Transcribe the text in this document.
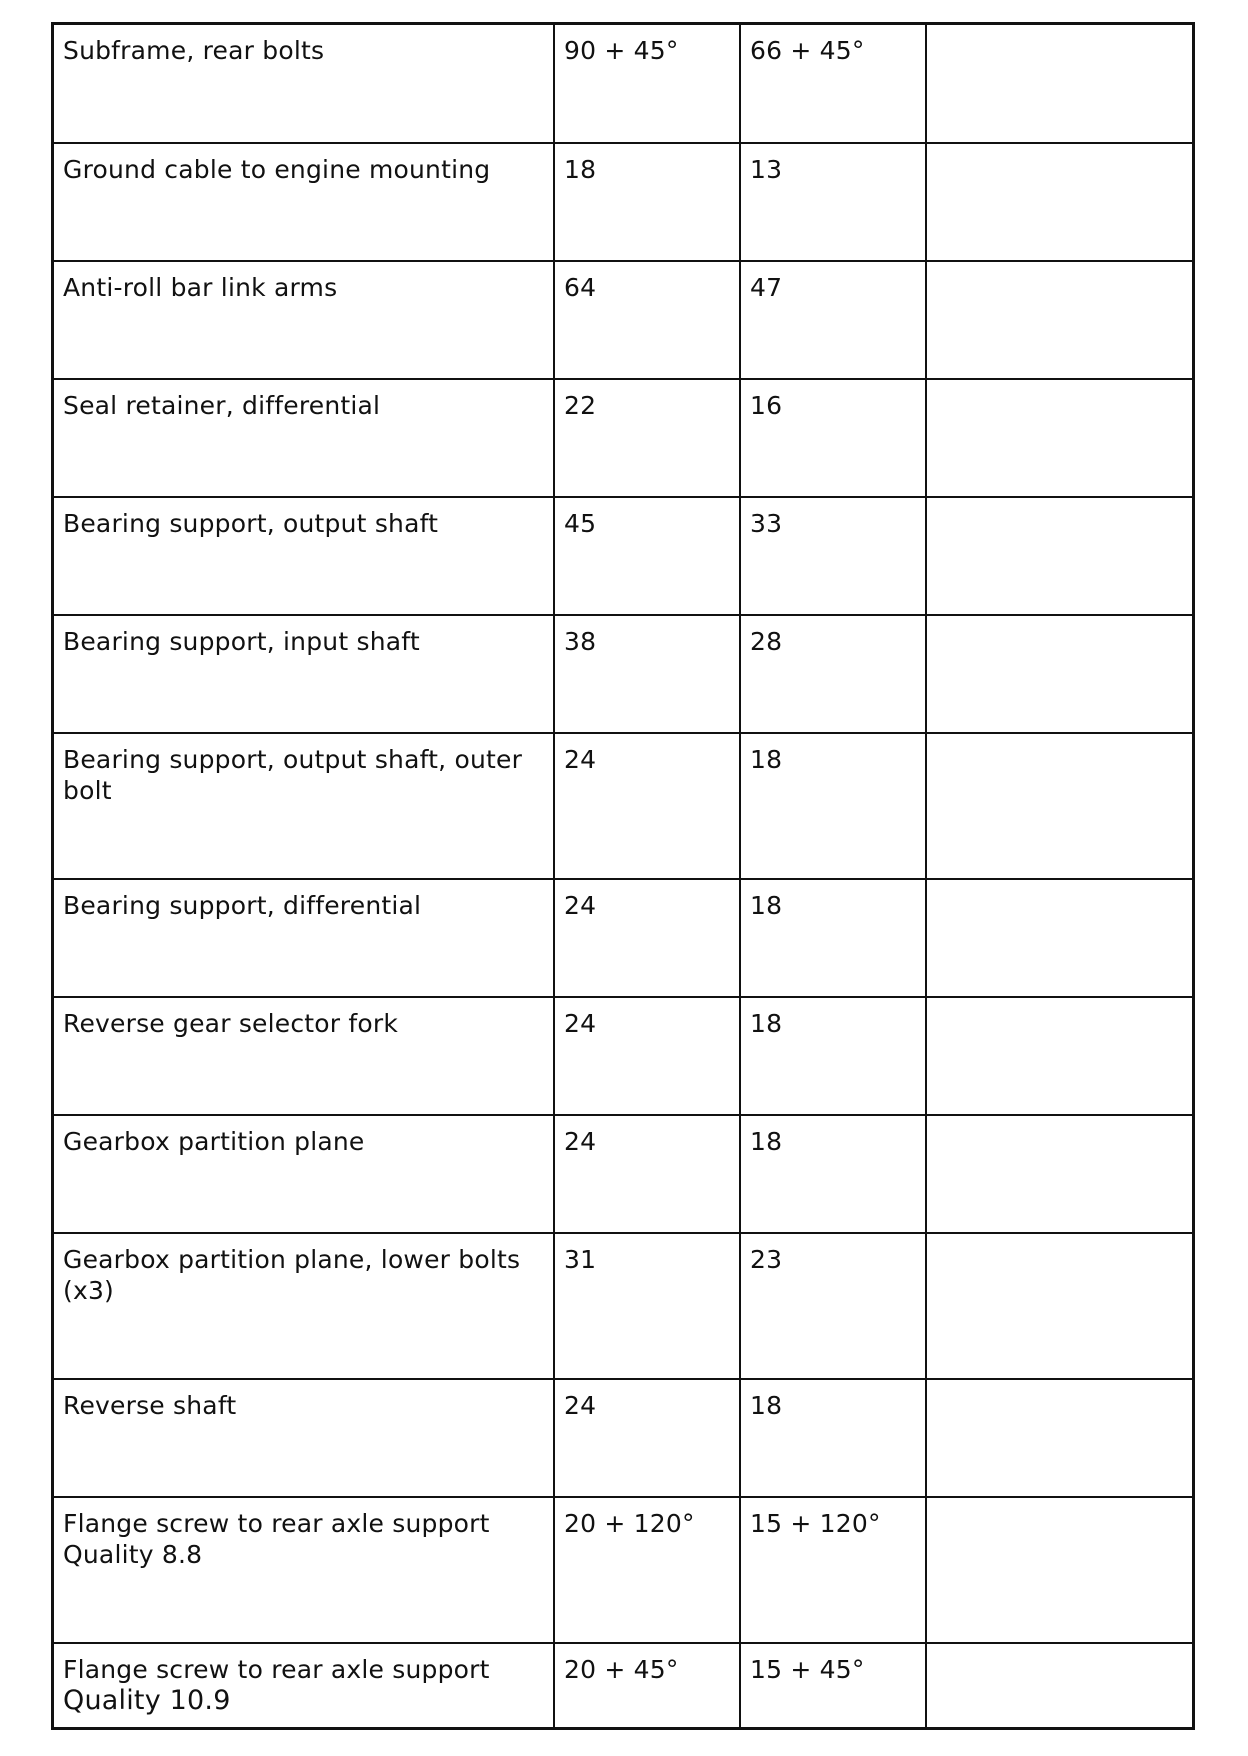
Subframe, rear bolts	90 + 45°	66 + 45°	
Ground cable to engine mounting	18	13	
Anti-roll bar link arms	64	47	
Seal retainer, differential	22	16	
Bearing support, output shaft	45	33	
Bearing support, input shaft	38	28	
Bearing support, output shaft, outer bolt	24	18	
Bearing support, differential	24	18	
Reverse gear selector fork	24	18	
Gearbox partition plane	24	18	
Gearbox partition plane, lower bolts (x3)	31	23	
Reverse shaft	24	18	
Flange screw to rear axle support
Quality 8.8	20 + 120°	15 + 120°	
Flange screw to rear axle support
Quality 10.9	20 + 45°	15 + 45°	
